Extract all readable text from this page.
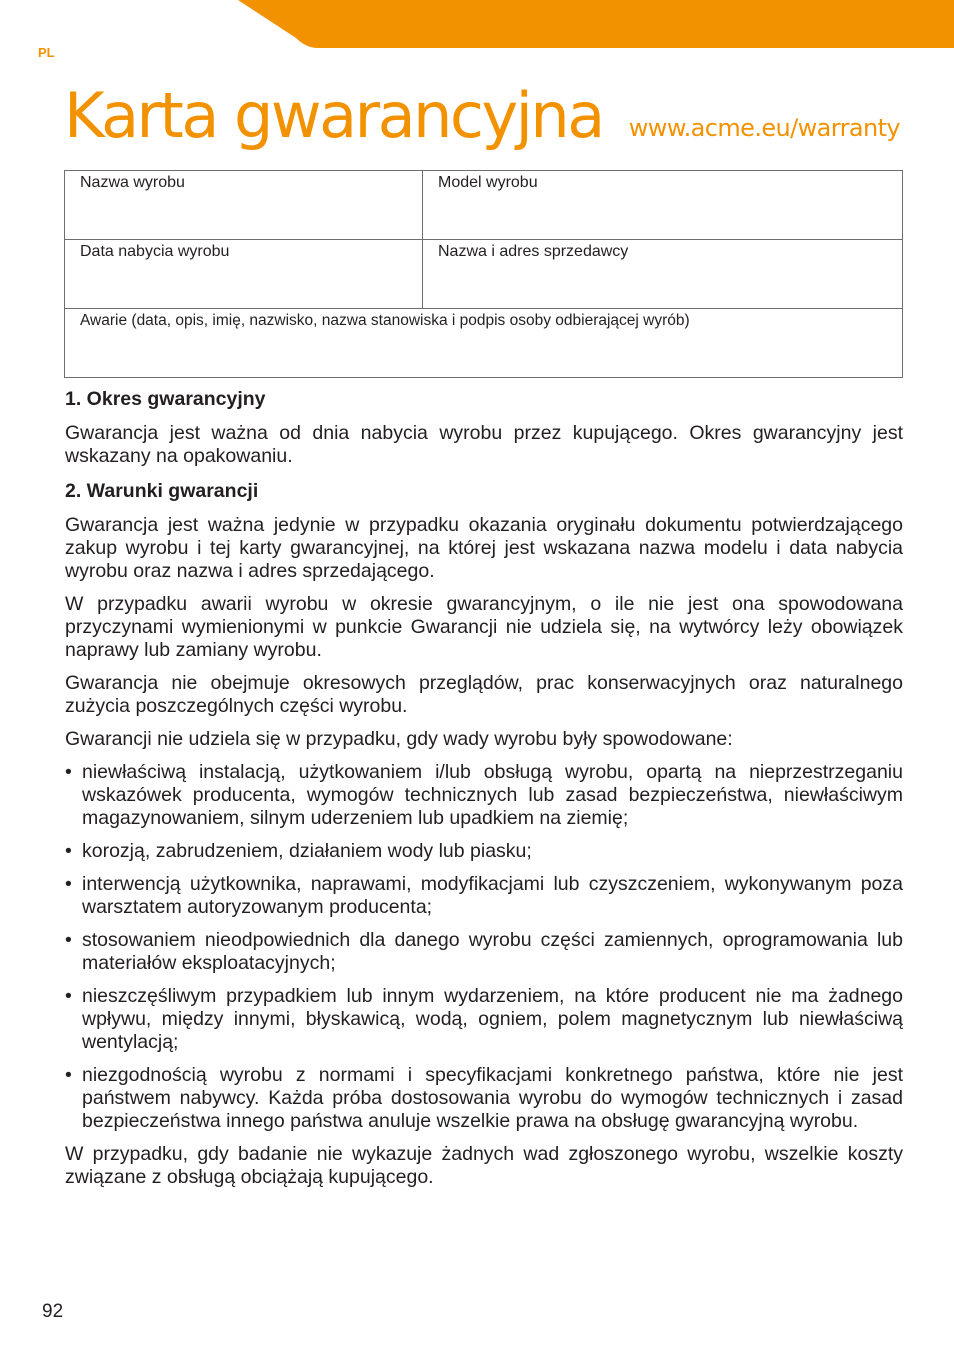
PL
Karta gwarancyjna www.acme.eu/warranty
Nazwa wyrobu	Model wyrobu
Data nabycia wyrobu	Nazwa i adres sprzedawcy
Awarie (data, opis, imię, nazwisko, nazwa stanowiska i podpis osoby odbierającej wyrób)	
1. Okres gwarancyjny

Gwarancja jest ważna od dnia nabycia wyrobu przez kupującego. Okres gwarancyjny jest wskazany na opakowaniu.

2. Warunki gwarancji

Gwarancja jest ważna jedynie w przypadku okazania oryginału dokumentu potwierdzającego zakup wyrobu i tej karty gwarancyjnej, na której jest wskazana nazwa modelu i data nabycia wyrobu oraz nazwa i adres sprzedającego.

W przypadku awarii wyrobu w okresie gwarancyjnym, o ile nie jest ona spowodowana przyczynami wymienionymi w punkcie Gwarancji nie udziela się, na wytwórcy leży obowiązek naprawy lub zamiany wyrobu.

Gwarancja nie obejmuje okresowych przeglądów, prac konserwacyjnych oraz naturalnego zużycia poszczególnych części wyrobu.

Gwarancji nie udziela się w przypadku, gdy wady wyrobu były spowodowane:

• niewłaściwą instalacją, użytkowaniem i/lub obsługą wyrobu, opartą na nieprzestrzeganiu wskazówek producenta, wymogów technicznych lub zasad bezpieczeństwa, niewłaściwym magazynowaniem, silnym uderzeniem lub upadkiem na ziemię;
• korozją, zabrudzeniem, działaniem wody lub piasku;
• interwencją użytkownika, naprawami, modyfikacjami lub czyszczeniem, wykonywanym poza warsztatem autoryzowanym producenta;
• stosowaniem nieodpowiednich dla danego wyrobu części zamiennych, oprogramowania lub materiałów eksploatacyjnych;
• nieszczęśliwym przypadkiem lub innym wydarzeniem, na które producent nie ma żadnego wpływu, między innymi, błyskawicą, wodą, ogniem, polem magnetycznym lub niewłaściwą wentylacją;
• niezgodnością wyrobu z normami i specyfikacjami konkretnego państwa, które nie jest państwem nabywcy. Każda próba dostosowania wyrobu do wymogów technicznych i zasad bezpieczeństwa innego państwa anuluje wszelkie prawa na obsługę gwarancyjną wyrobu.

W przypadku, gdy badanie nie wykazuje żadnych wad zgłoszonego wyrobu, wszelkie koszty związane z obsługą obciążają kupującego.

92
